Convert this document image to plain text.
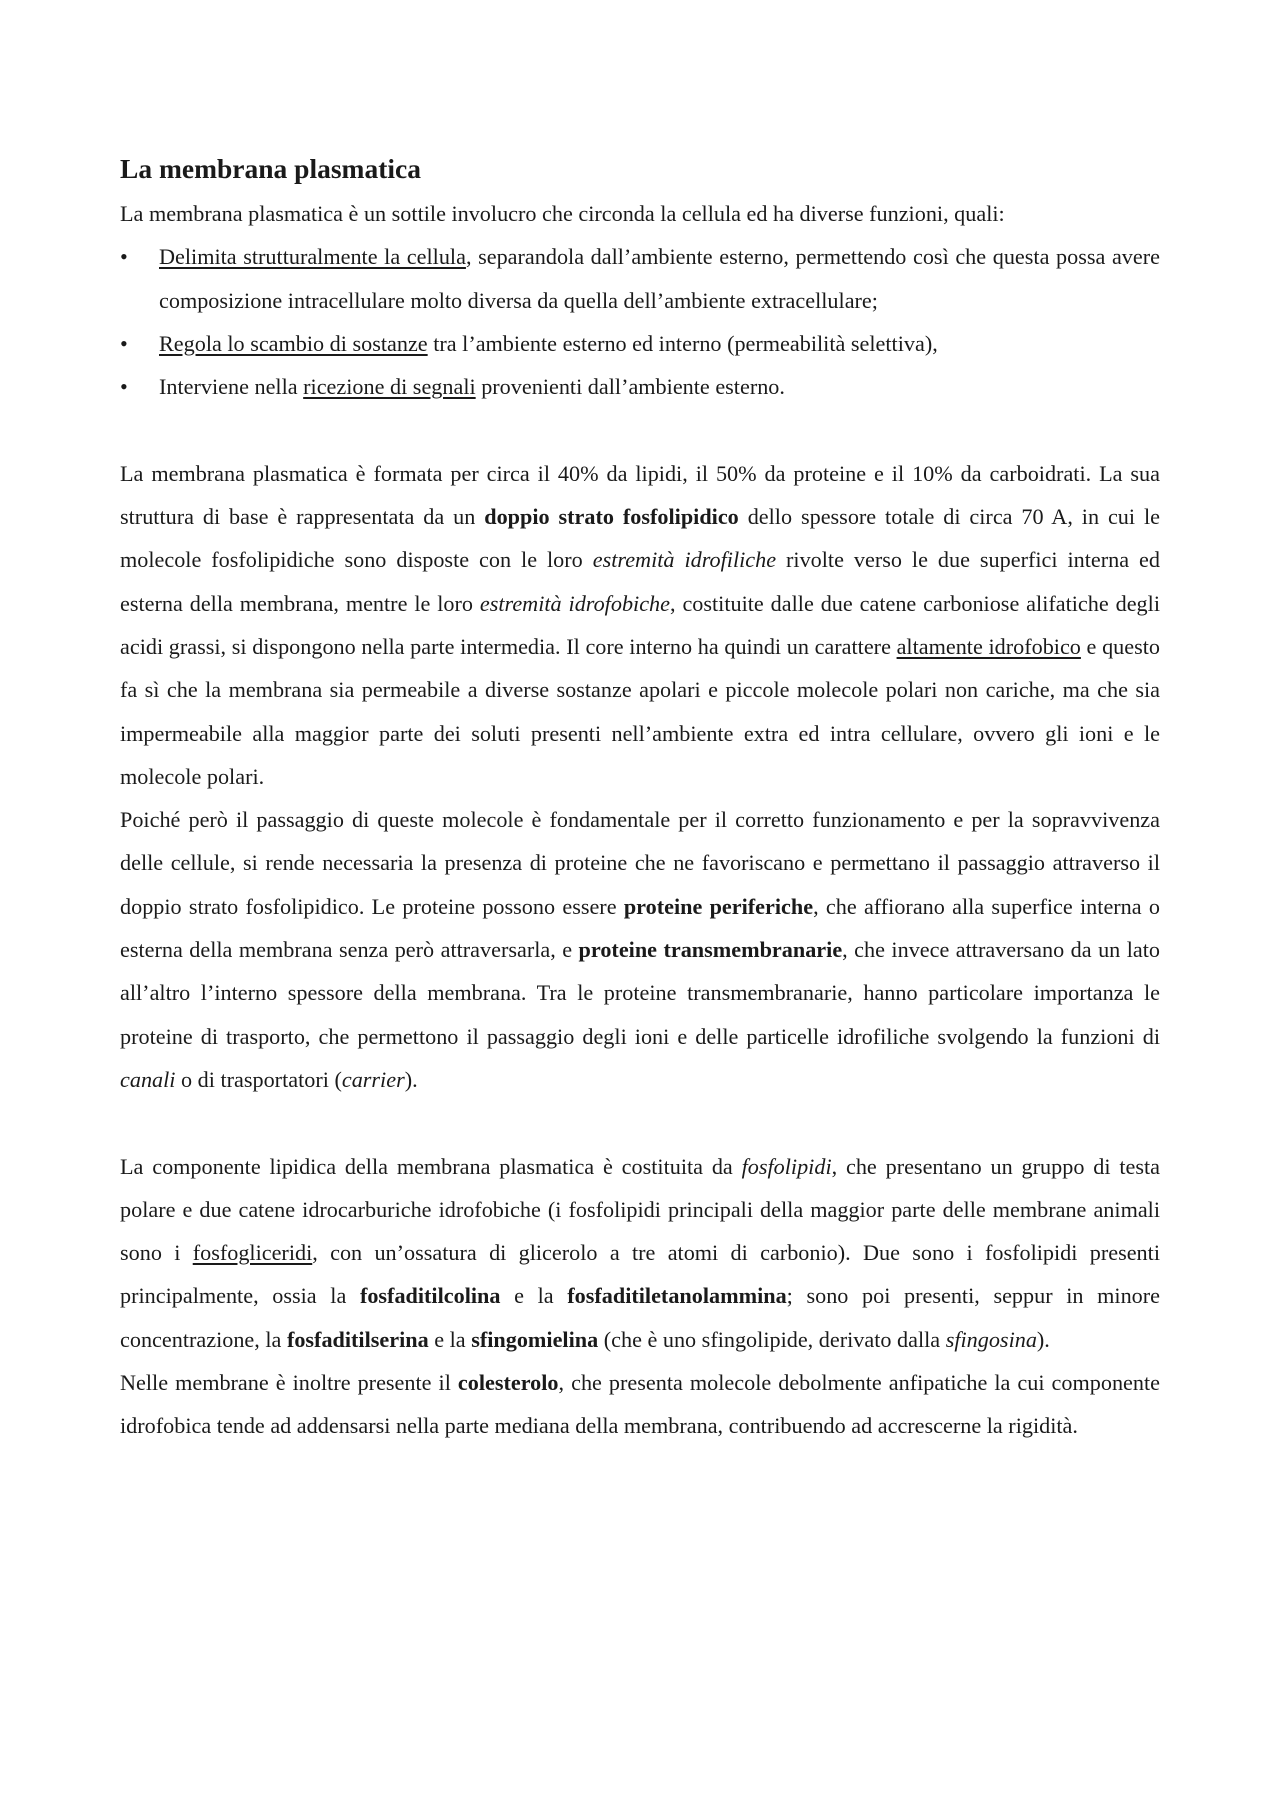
La membrana plasmatica

La membrana plasmatica è un sottile involucro che circonda la cellula ed ha diverse funzioni, quali:

• Delimita strutturalmente la cellula, separandola dall’ambiente esterno, permettendo così che questa possa avere composizione intracellulare molto diversa da quella dell’ambiente extracellulare;
• Regola lo scambio di sostanze tra l’ambiente esterno ed interno (permeabilità selettiva),
• Interviene nella ricezione di segnali provenienti dall’ambiente esterno.

La membrana plasmatica è formata per circa il 40% da lipidi, il 50% da proteine e il 10% da carboidrati. La sua struttura di base è rappresentata da un doppio strato fosfolipidico dello spessore totale di circa 70 A, in cui le molecole fosfolipidiche sono disposte con le loro estremità idrofiliche rivolte verso le due superfici interna ed esterna della membrana, mentre le loro estremità idrofobiche, costituite dalle due catene carboniose alifatiche degli acidi grassi, si dispongono nella parte intermedia. Il core interno ha quindi un carattere altamente idrofobico e questo fa sì che la membrana sia permeabile a diverse sostanze apolari e piccole molecole polari non cariche, ma che sia impermeabile alla maggior parte dei soluti presenti nell’ambiente extra ed intra cellulare, ovvero gli ioni e le molecole polari.

Poiché però il passaggio di queste molecole è fondamentale per il corretto funzionamento e per la sopravvivenza delle cellule, si rende necessaria la presenza di proteine che ne favoriscano e permettano il passaggio attraverso il doppio strato fosfolipidico. Le proteine possono essere proteine periferiche, che affiorano alla superfice interna o esterna della membrana senza però attraversarla, e proteine transmembranarie, che invece attraversano da un lato all’altro l’interno spessore della membrana. Tra le proteine transmembranarie, hanno particolare importanza le proteine di trasporto, che permettono il passaggio degli ioni e delle particelle idrofiliche svolgendo la funzioni di canali o di trasportatori (carrier).

La componente lipidica della membrana plasmatica è costituita da fosfolipidi, che presentano un gruppo di testa polare e due catene idrocarburiche idrofobiche (i fosfolipidi principali della maggior parte delle membrane animali sono i fosfogliceridi, con un’ossatura di glicerolo a tre atomi di carbonio). Due sono i fosfolipidi presenti principalmente, ossia la fosfaditilcolina e la fosfaditiletanolammina; sono poi presenti, seppur in minore concentrazione, la fosfaditilserina e la sfingomielina (che è uno sfingolipide, derivato dalla sfingosina).

Nelle membrane è inoltre presente il colesterolo, che presenta molecole debolmente anfipatiche la cui componente idrofobica tende ad addensarsi nella parte mediana della membrana, contribuendo ad accrescerne la rigidità.
